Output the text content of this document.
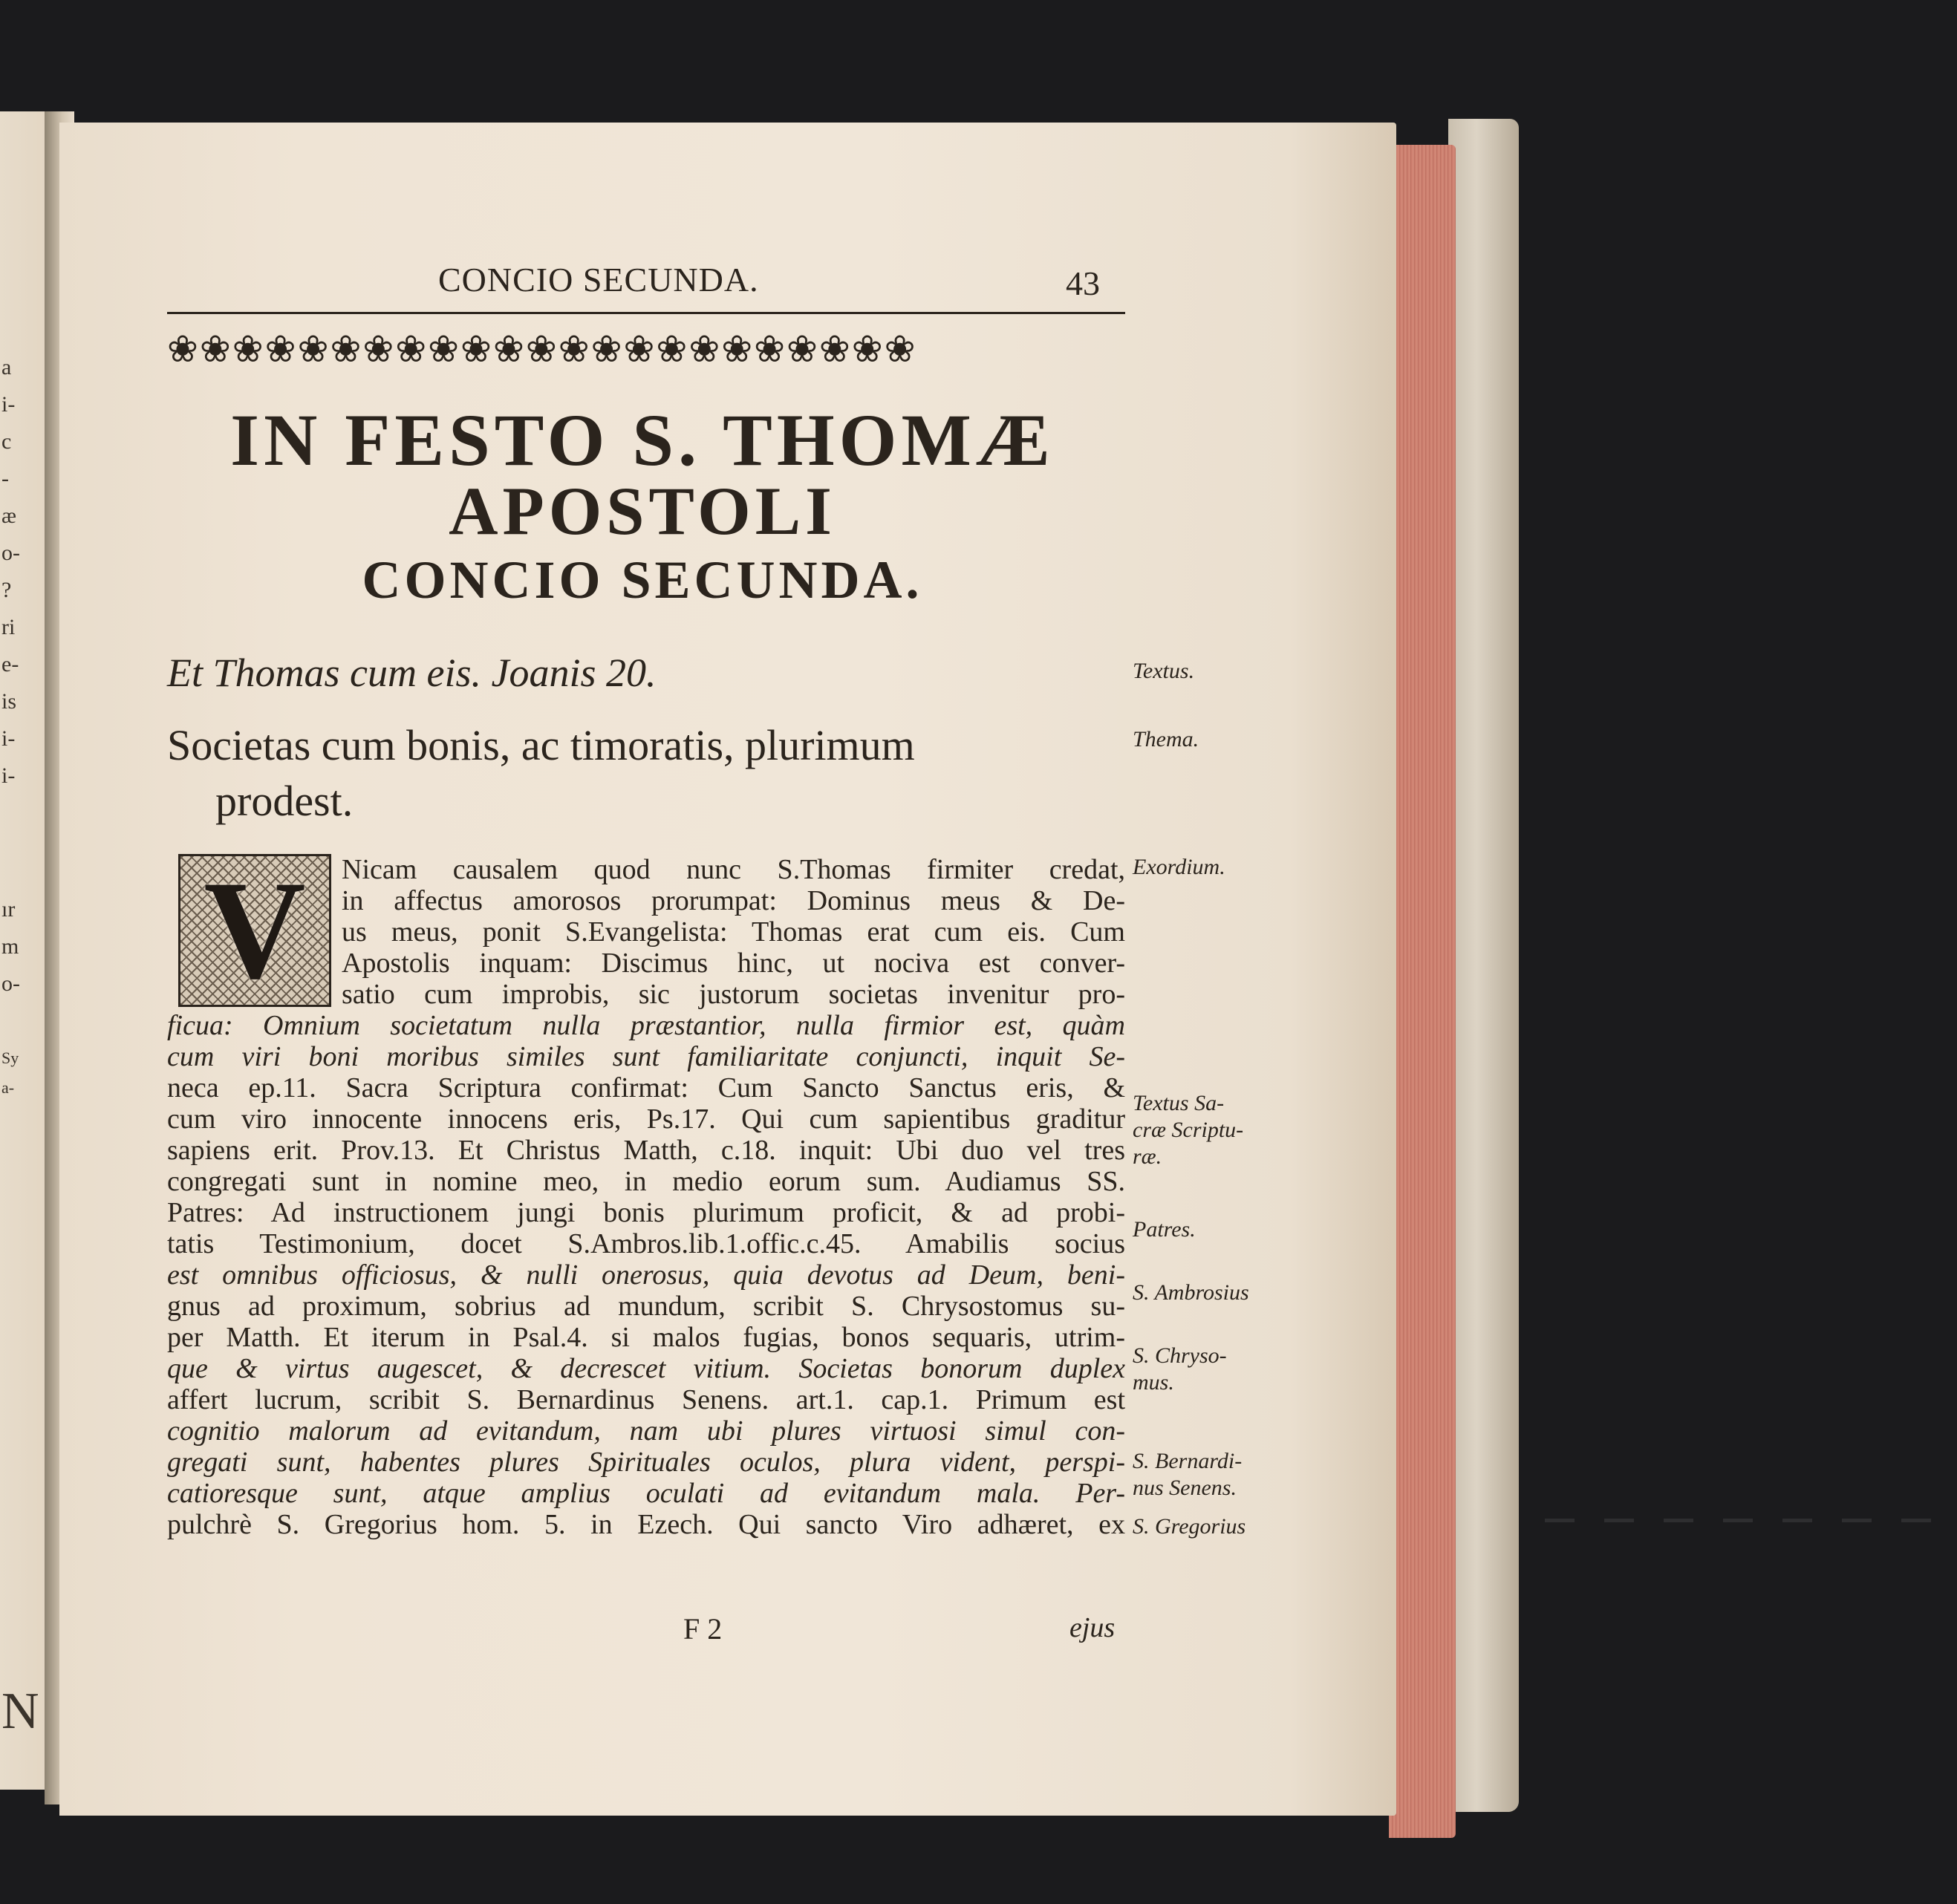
a
i-
c
-
æ
o-
?
ri
e-
is
i-
i-
ır
m
o-
Sy
a-
N
CONCIO SECUNDA.	43
❀❀❀❀❀❀❀❀❀❀❀❀❀❀❀❀❀❀❀❀❀❀❀
IN FESTO S. THOMÆ
APOSTOLI
CONCIO SECUNDA.
Et Thomas cum eis. Joanis 20.
Societas cum bonis, ac timoratis, plurimum
prodest.
V	Nicam causalem quod nunc S.Thomas firmiter credat,
in affectus amorosos prorumpat: Dominus meus & De-
us meus, ponit S.Evangelista: Thomas erat cum eis. Cum
Apostolis inquam: Discimus hinc, ut nociva est conver-
satio cum improbis, sic justorum societas invenitur pro-
ficua: Omnium societatum nulla præstantior, nulla firmior est, quàm
cum viri boni moribus similes sunt familiaritate conjuncti, inquit Se-
neca ep.11. Sacra Scriptura confirmat: Cum Sancto Sanctus eris, &
cum viro innocente innocens eris, Ps.17. Qui cum sapientibus graditur
sapiens erit. Prov.13. Et Christus Matth, c.18. inquit: Ubi duo vel tres
congregati sunt in nomine meo, in medio eorum sum. Audiamus SS.
Patres: Ad instructionem jungi bonis plurimum proficit, & ad probi-
tatis Testimonium, docet S.Ambros.lib.1.offic.c.45. Amabilis socius
est omnibus officiosus, & nulli onerosus, quia devotus ad Deum, beni-
gnus ad proximum, sobrius ad mundum, scribit S. Chrysostomus su-
per Matth. Et iterum in Psal.4. si malos fugias, bonos sequaris, utrim-
que & virtus augescet, & decrescet vitium. Societas bonorum duplex
affert lucrum, scribit S. Bernardinus Senens. art.1. cap.1. Primum est
cognitio malorum ad evitandum, nam ubi plures virtuosi simul con-
gregati sunt, habentes plures Spirituales oculos, plura vident, perspi-
catioresque sunt, atque amplius oculati ad evitandum mala. Per-
pulchrè S. Gregorius hom. 5. in Ezech. Qui sancto Viro adhæret, ex
Textus.
Thema.
Exordium.
Textus Sa-
cræ Scriptu-
ræ.
Patres.
S. Ambrosius
S. Chryso-
mus.
S. Bernardi-
nus Senens.
S. Gregorius
F 2	ejus
